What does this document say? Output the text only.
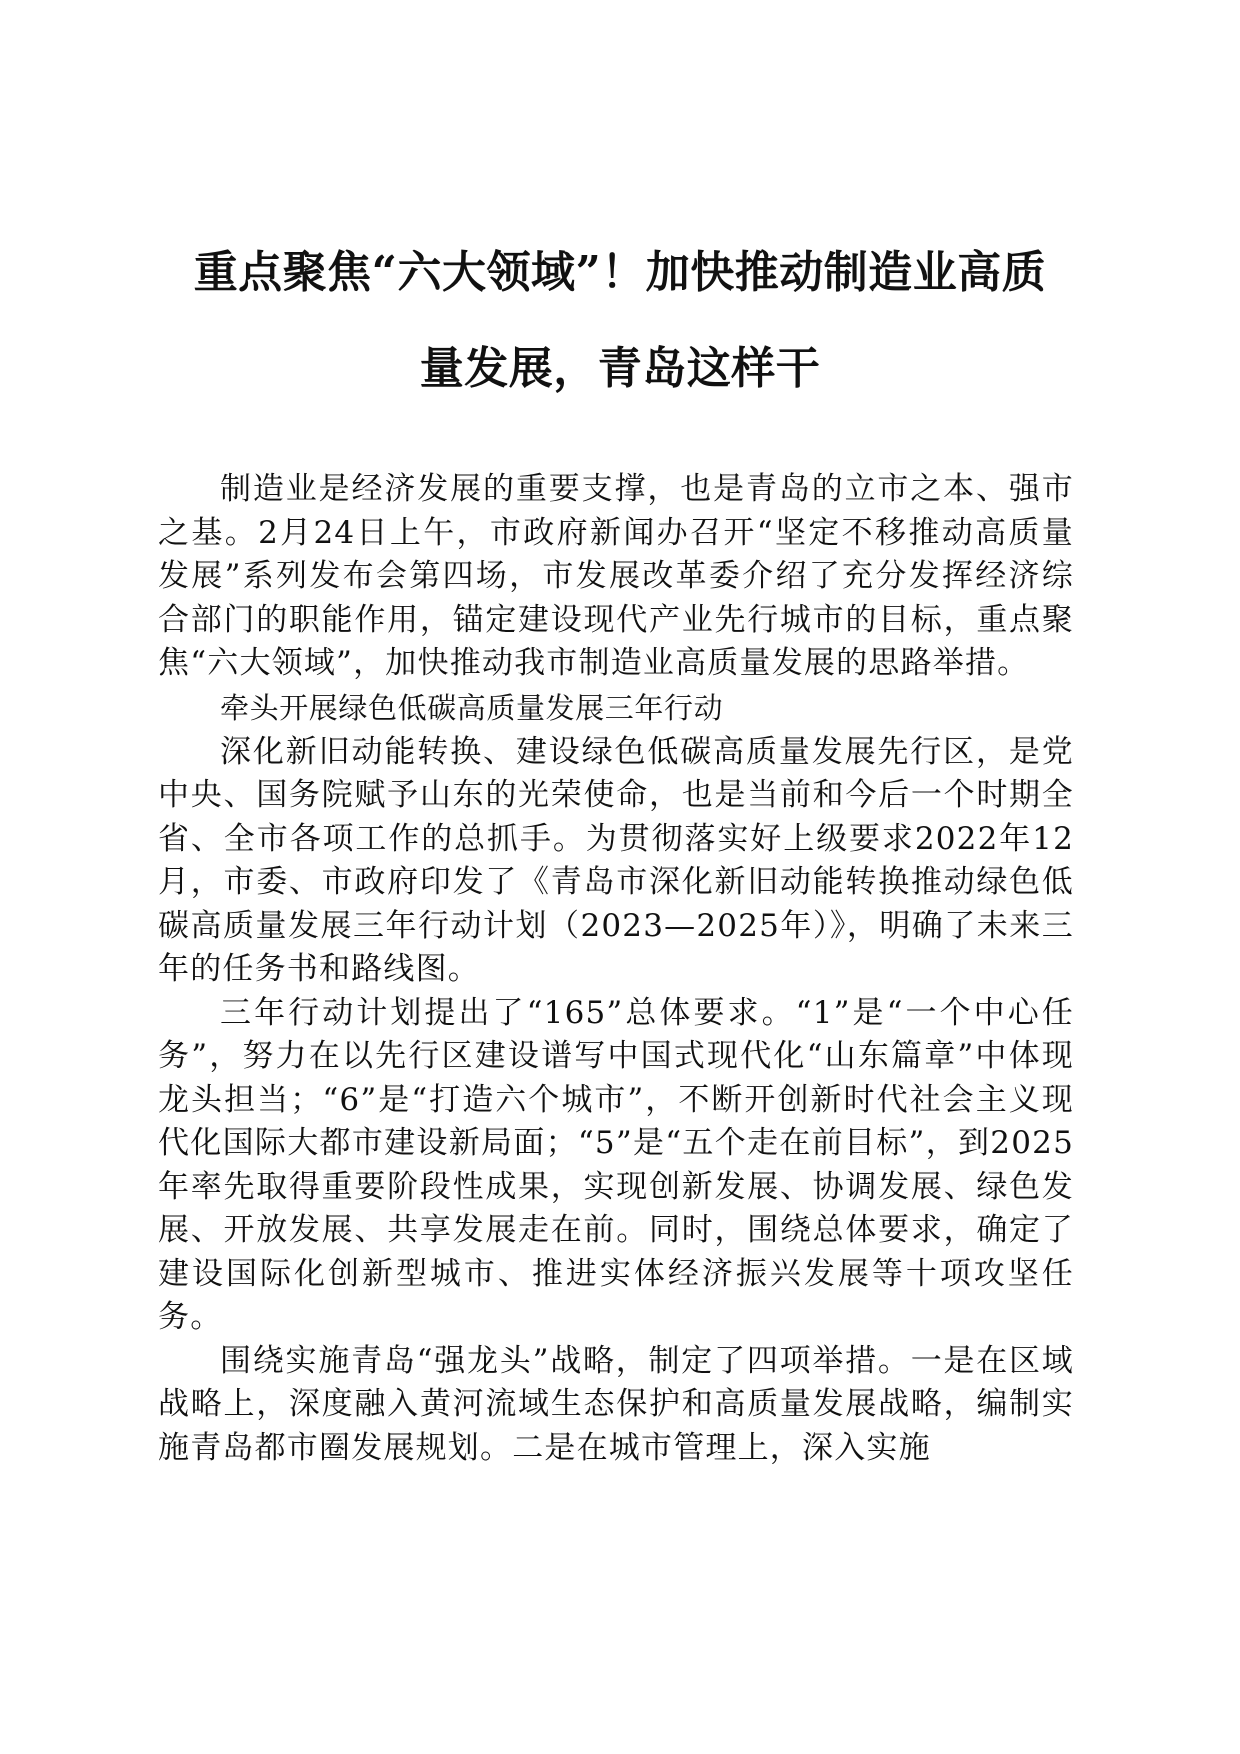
重点聚焦“六大领域”！加快推动制造业高质
量发展，青岛这样干

制造业是经济发展的重要支撑，也是青岛的立市之本、强市之基。2月24日上午，市政府新闻办召开“坚定不移推动高质量发展”系列发布会第四场，市发展改革委介绍了充分发挥经济综合部门的职能作用，锚定建设现代产业先行城市的目标，重点聚焦“六大领域”，加快推动我市制造业高质量发展的思路举措。

牵头开展绿色低碳高质量发展三年行动

深化新旧动能转换、建设绿色低碳高质量发展先行区，是党中央、国务院赋予山东的光荣使命，也是当前和今后一个时期全省、全市各项工作的总抓手。为贯彻落实好上级要求2022年12月，市委、市政府印发了《青岛市深化新旧动能转换推动绿色低碳高质量发展三年行动计划（2023—2025年）》，明确了未来三年的任务书和路线图。

三年行动计划提出了“165”总体要求。“1”是“一个中心任务”，努力在以先行区建设谱写中国式现代化“山东篇章”中体现龙头担当；“6”是“打造六个城市”，不断开创新时代社会主义现代化国际大都市建设新局面；“5”是“五个走在前目标”，到2025年率先取得重要阶段性成果，实现创新发展、协调发展、绿色发展、开放发展、共享发展走在前。同时，围绕总体要求，确定了建设国际化创新型城市、推进实体经济振兴发展等十项攻坚任务。

围绕实施青岛“强龙头”战略，制定了四项举措。一是在区域战略上，深度融入黄河流域生态保护和高质量发展战略，编制实施青岛都市圈发展规划。二是在城市管理上，深入实施
